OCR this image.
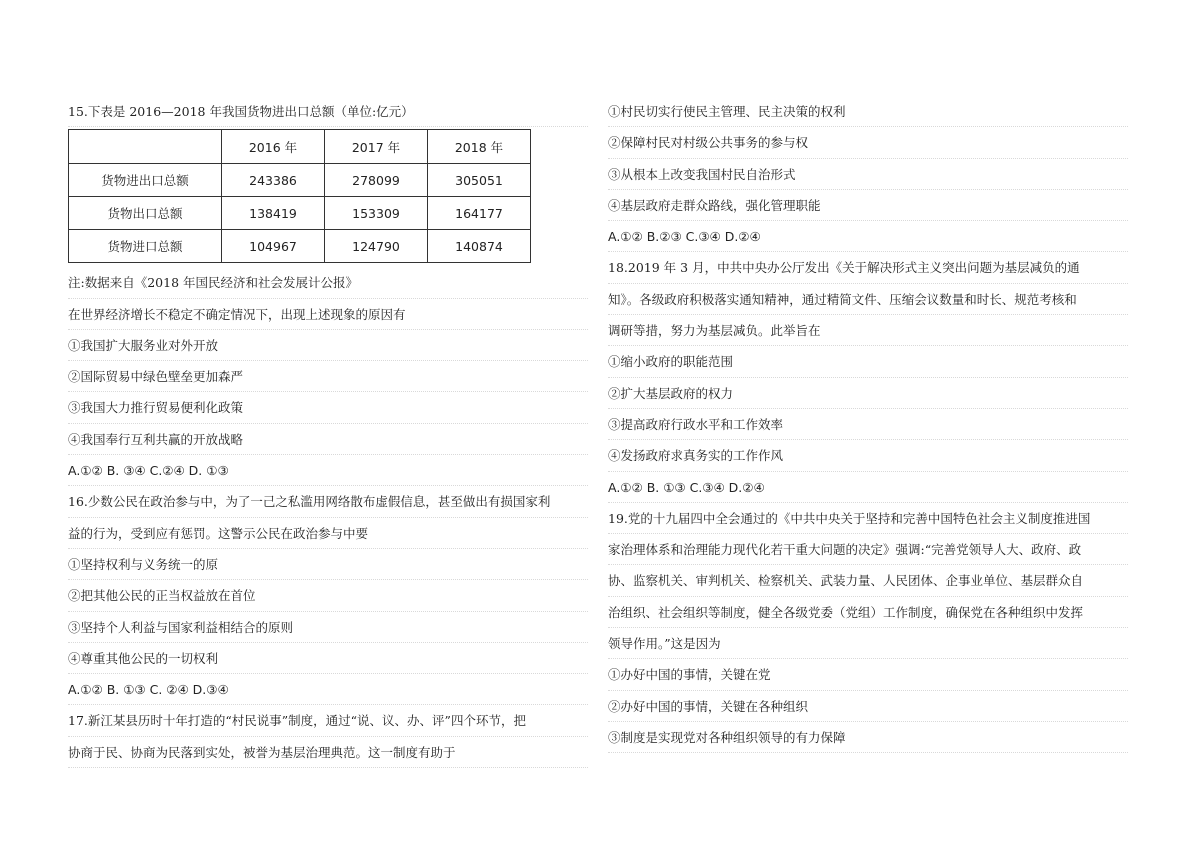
15.下表是 2016—2018 年我国货物进出口总额（单位:亿元）
	2016 年	2017 年	2018 年
货物进出口总额	243386	278099	305051
货物出口总额	138419	153309	164177
货物进口总额	104967	124790	140874
注:数据来自《2018 年国民经济和社会发展计公报》
在世界经济增长不稳定不确定情况下，出现上述现象的原因有
①我国扩大服务业对外开放
②国际贸易中绿色壁垒更加森严
③我国大力推行贸易便利化政策
④我国奉行互利共赢的开放战略
A.①② B. ③④ C.②④ D. ①③
16.少数公民在政治参与中，为了一己之私滥用网络散布虚假信息，甚至做出有损国家利
益的行为，受到应有惩罚。这警示公民在政治参与中要
①坚持权利与义务统一的原
②把其他公民的正当权益放在首位
③坚持个人利益与国家利益相结合的原则
④尊重其他公民的一切权利
A.①② B. ①③ C. ②④ D.③④
17.新江某县历时十年打造的“村民说事”制度，通过“说、议、办、评”四个环节，把
协商于民、协商为民落到实处，被誉为基层治理典范。这一制度有助于
①村民切实行使民主管理、民主决策的权利
②保障村民对村级公共事务的参与权
③从根本上改变我国村民自治形式
④基层政府走群众路线，强化管理职能
A.①② B.②③ C.③④ D.②④
18.2019 年 3 月，中共中央办公厅发出《关于解决形式主义突出问题为基层减负的通
知》。各级政府积极落实通知精神，通过精简文件、压缩会议数量和时长、规范考核和
调研等措，努力为基层减负。此举旨在
①缩小政府的职能范围
②扩大基层政府的权力
③提高政府行政水平和工作效率
④发扬政府求真务实的工作作风
A.①② B. ①③ C.③④ D.②④
19.党的十九届四中全会通过的《中共中央关于坚持和完善中国特色社会主义制度推进国
家治理体系和治理能力现代化若干重大问题的决定》强调:“完善党领导人大、政府、政
协、监察机关、审判机关、检察机关、武装力量、人民团体、企事业单位、基层群众自
治组织、社会组织等制度，健全各级党委（党组）工作制度，确保党在各种组织中发挥
领导作用。”这是因为
①办好中国的事情，关键在党
②办好中国的事情，关键在各种组织
③制度是实现党对各种组织领导的有力保障
